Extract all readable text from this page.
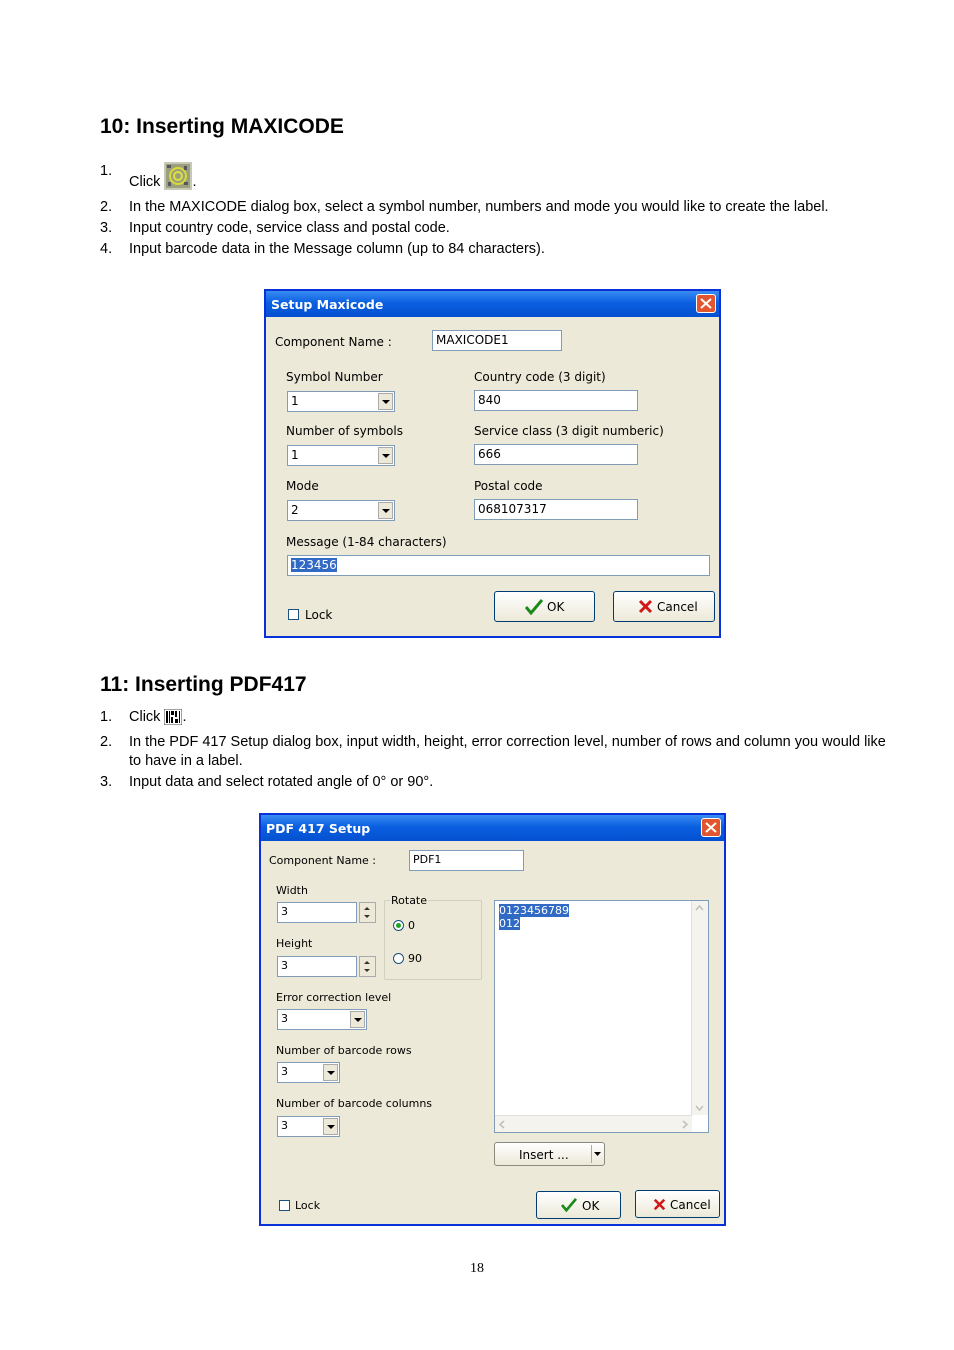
10: Inserting MAXICODE
1.
Click .
2. In the MAXICODE dialog box, select a symbol number, numbers and mode you would like to create the label.
3. Input country code, service class and postal code.
4. Input barcode data in the Message column (up to 84 characters).
Setup Maxicode
Component Name :	MAXICODE1
Symbol Number
1
Country code (3 digit)
840
Number of symbols
1
Service class (3 digit numberic)
666
Mode
2
Postal code
068107317
Message (1-84 characters)
123456
Lock
OK	Cancel
11: Inserting PDF417
1. Click .
2. In the PDF 417 Setup dialog box, input width, height, error correction level, number of rows and column you would like to have in a label.
3. Input data and select rotated angle of 0° or 90°.
PDF 417 Setup
Component Name :	PDF1
Width
3
Height
3
Rotate
0
90
Error correction level
3
Number of barcode rows
3
Number of barcode columns
3
0123456789
012
Insert ...
Lock	OK	Cancel
18
